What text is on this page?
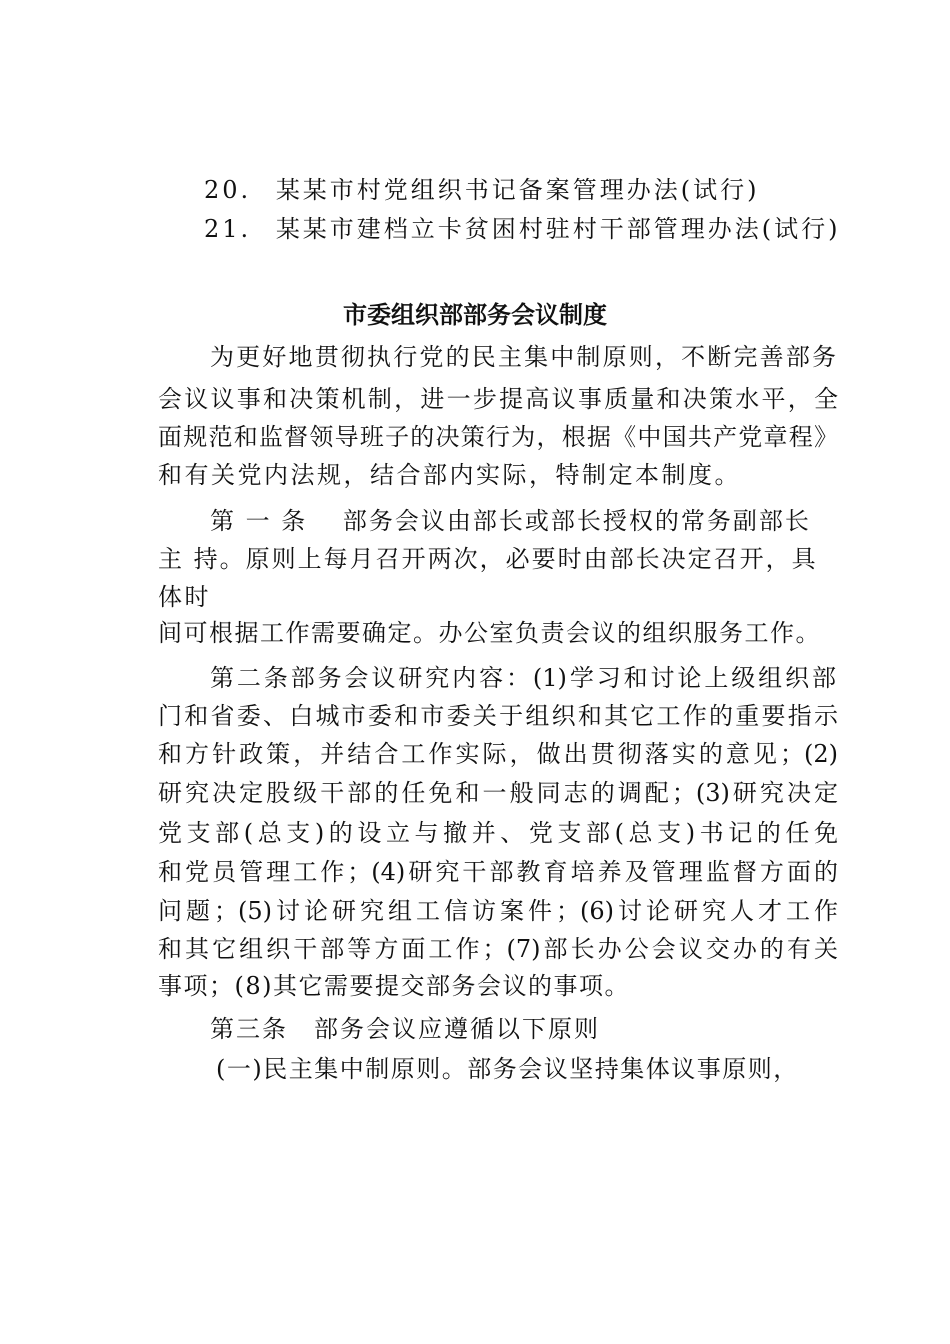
20. 某某市村党组织书记备案管理办法(试行)
21. 某某市建档立卡贫困村驻村干部管理办法(试行)
市委组织部部务会议制度
为更好地贯彻执行党的民主集中制原则，不断完善部务
会议议事和决策机制，进一步提高议事质量和决策水平，全
面规范和监督领导班子的决策行为，根据《中国共产党章程》
和有关党内法规，结合部内实际，特制定本制度。
第 一 条　 部务会议由部长或部长授权的常务副部长
主 持。原则上每月召开两次，必要时由部长决定召开，具
体时
间可根据工作需要确定。办公室负责会议的组织服务工作。
第二条部务会议研究内容：(1)学习和讨论上级组织部
门和省委、白城市委和市委关于组织和其它工作的重要指示
和方针政策，并结合工作实际，做出贯彻落实的意见；(2)
研究决定股级干部的任免和一般同志的调配；(3)研究决定
党支部(总支)的设立与撤并、党支部(总支)书记的任免
和党员管理工作；(4)研究干部教育培养及管理监督方面的
问题；(5)讨论研究组工信访案件；(6)讨论研究人才工作
和其它组织干部等方面工作；(7)部长办公会议交办的有关
事项；(8)其它需要提交部务会议的事项。
第三条　部务会议应遵循以下原则
(一)民主集中制原则。部务会议坚持集体议事原则，
